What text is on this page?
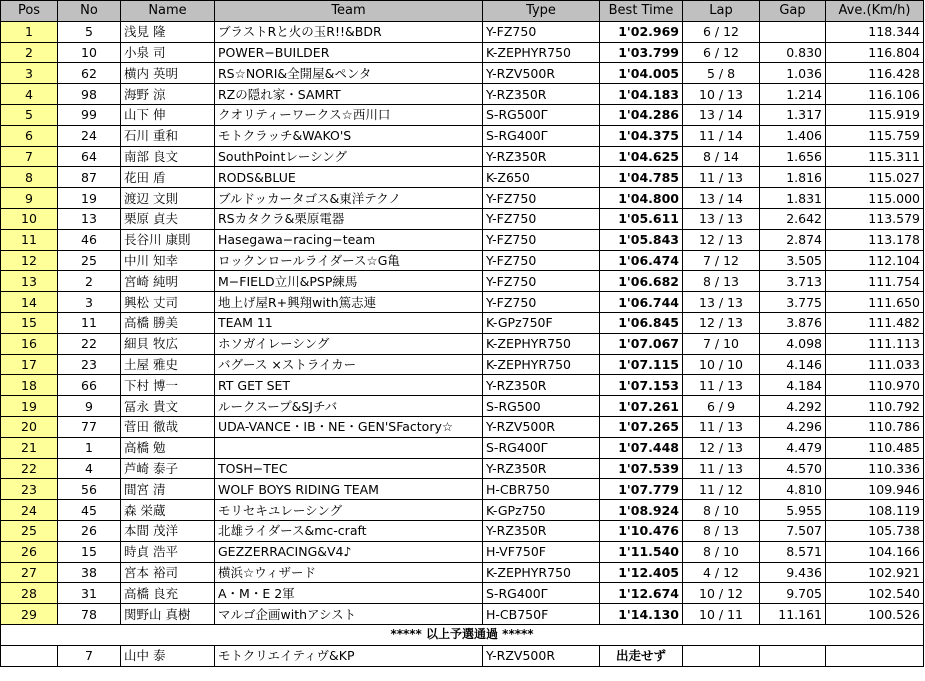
Pos	No	Name	Team	Type	Best Time	Lap	Gap	Ave.(Km/h)
1	5	浅見 隆	ブラストRと火の玉R!!&BDR	Y-FZ750	1'02.969	6 / 12		118.344
2	10	小泉 司	POWER−BUILDER	K-ZEPHYR750	1'03.799	6 / 12	0.830	116.804
3	62	横内 英明	RS☆NORI&全開屋&ペンタ	Y-RZV500R	1'04.005	5 / 8	1.036	116.428
4	98	海野 涼	RZの隠れ家・SAMRT	Y-RZ350R	1'04.183	10 / 13	1.214	116.106
5	99	山下 伸	クオリティーワークス☆西川口	S-RG500Γ	1'04.286	13 / 14	1.317	115.919
6	24	石川 重和	モトクラッチ&WAKO'S	S-RG400Γ	1'04.375	11 / 14	1.406	115.759
7	64	南部 良文	SouthPointレーシング	Y-RZ350R	1'04.625	8 / 14	1.656	115.311
8	87	花田 盾	RODS&BLUE	K-Z650	1'04.785	11 / 13	1.816	115.027
9	19	渡辺 文則	ブルドッカータゴス&東洋テクノ	Y-FZ750	1'04.800	13 / 14	1.831	115.000
10	13	栗原 貞夫	RSカタクラ&栗原電器	Y-FZ750	1'05.611	13 / 13	2.642	113.579
11	46	長谷川 康則	Hasegawa−racing−team	Y-FZ750	1'05.843	12 / 13	2.874	113.178
12	25	中川 知幸	ロックンロールライダース☆G亀	Y-FZ750	1'06.474	7 / 12	3.505	112.104
13	2	宮崎 純明	M−FIELD立川&PSP練馬	Y-FZ750	1'06.682	8 / 13	3.713	111.754
14	3	興松 丈司	地上げ屋R+興翔with篤志連	Y-FZ750	1'06.744	13 / 13	3.775	111.650
15	11	高橋 勝美	TEAM 11	K-GPz750F	1'06.845	12 / 13	3.876	111.482
16	22	細貝 牧広	ホソガイレーシング	K-ZEPHYR750	1'07.067	7 / 10	4.098	111.113
17	23	土屋 雅史	バグース ×ストライカー	K-ZEPHYR750	1'07.115	10 / 10	4.146	111.033
18	66	下村 博一	RT GET SET	Y-RZ350R	1'07.153	11 / 13	4.184	110.970
19	9	冨永 貴文	ルークスープ&SJチバ	S-RG500	1'07.261	6 / 9	4.292	110.792
20	77	菅田 徹哉	UDA-VANCE・IB・NE・GEN'SFactory☆	Y-RZV500R	1'07.265	11 / 13	4.296	110.786
21	1	高橋 勉		S-RG400Γ	1'07.448	12 / 13	4.479	110.485
22	4	芦崎 泰子	TOSH−TEC	Y-RZ350R	1'07.539	11 / 13	4.570	110.336
23	56	間宮 清	WOLF BOYS RIDING TEAM	H-CBR750	1'07.779	11 / 12	4.810	109.946
24	45	森 栄蔵	モリセキユレーシング	K-GPz750	1'08.924	8 / 10	5.955	108.119
25	26	本間 茂洋	北雄ライダース&mc-craft	Y-RZ350R	1'10.476	8 / 13	7.507	105.738
26	15	時貞 浩平	GEZZERRACING&V4♪	H-VF750F	1'11.540	8 / 10	8.571	104.166
27	38	宮本 裕司	横浜☆ウィザード	K-ZEPHYR750	1'12.405	4 / 12	9.436	102.921
28	31	高橋 良充	A・M・E 2軍	S-RG400Γ	1'12.674	10 / 12	9.705	102.540
29	78	関野山 真樹	マルゴ企画withアシスト	H-CB750F	1'14.130	10 / 11	11.161	100.526
***** 以上予選通過 *****								
	7	山中 泰	モトクリエイティヴ&KP	Y-RZV500R	出走せず			
